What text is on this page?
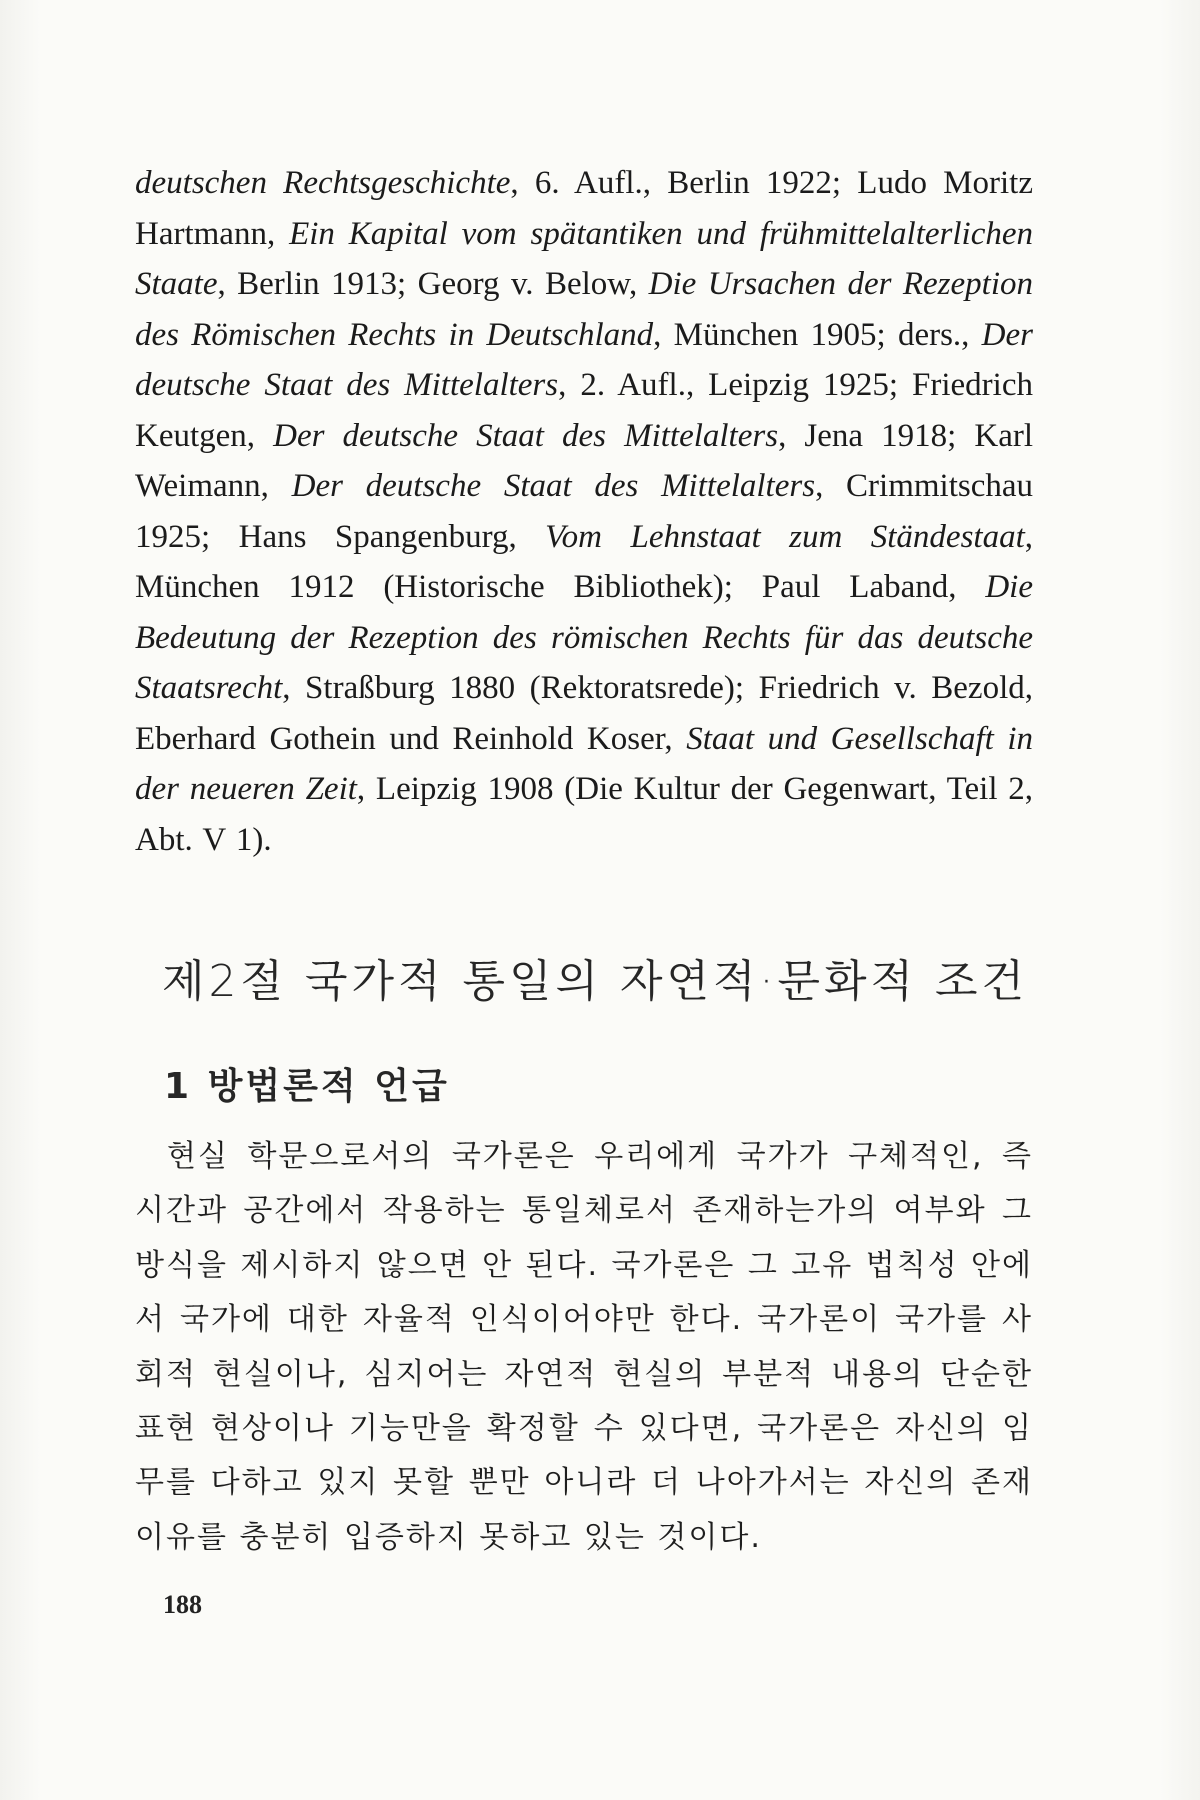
deutschen Rechtsgeschichte, 6. Aufl., Berlin 1922; Ludo Moritz Hartmann, Ein Kapital vom spätantiken und frühmittelalterlichen Staate, Berlin 1913; Georg v. Below, Die Ursachen der Rezeption des Römischen Rechts in Deutschland, München 1905; ders., Der deutsche Staat des Mittelalters, 2. Aufl., Leipzig 1925; Friedrich Keutgen, Der deutsche Staat des Mittelalters, Jena 1918; Karl Weimann, Der deutsche Staat des Mittelalters, Crimmitschau 1925; Hans Spangenburg, Vom Lehnstaat zum Ständestaat, München 1912 (Historische Bibliothek); Paul Laband, Die Bedeutung der Rezeption des römischen Rechts für das deutsche Staatsrecht, Straßburg 1880 (Rektoratsrede); Friedrich v. Bezold, Eberhard Gothein und Reinhold Koser, Staat und Gesellschaft in der neueren Zeit, Leipzig 1908 (Die Kultur der Gegenwart, Teil 2, Abt. V 1).

제2절 국가적 통일의 자연적·문화적 조건
1 방법론적 언급

현실 학문으로서의 국가론은 우리에게 국가가 구체적인, 즉 시간과 공간에서 작용하는 통일체로서 존재하는가의 여부와 그 방식을 제시하지 않으면 안 된다. 국가론은 그 고유 법칙성 안에서 국가에 대한 자율적 인식이어야만 한다. 국가론이 국가를 사회적 현실이나, 심지어는 자연적 현실의 부분적 내용의 단순한 표현 현상이나 기능만을 확정할 수 있다면, 국가론은 자신의 임무를 다하고 있지 못할 뿐만 아니라 더 나아가서는 자신의 존재 이유를 충분히 입증하지 못하고 있는 것이다.

188
